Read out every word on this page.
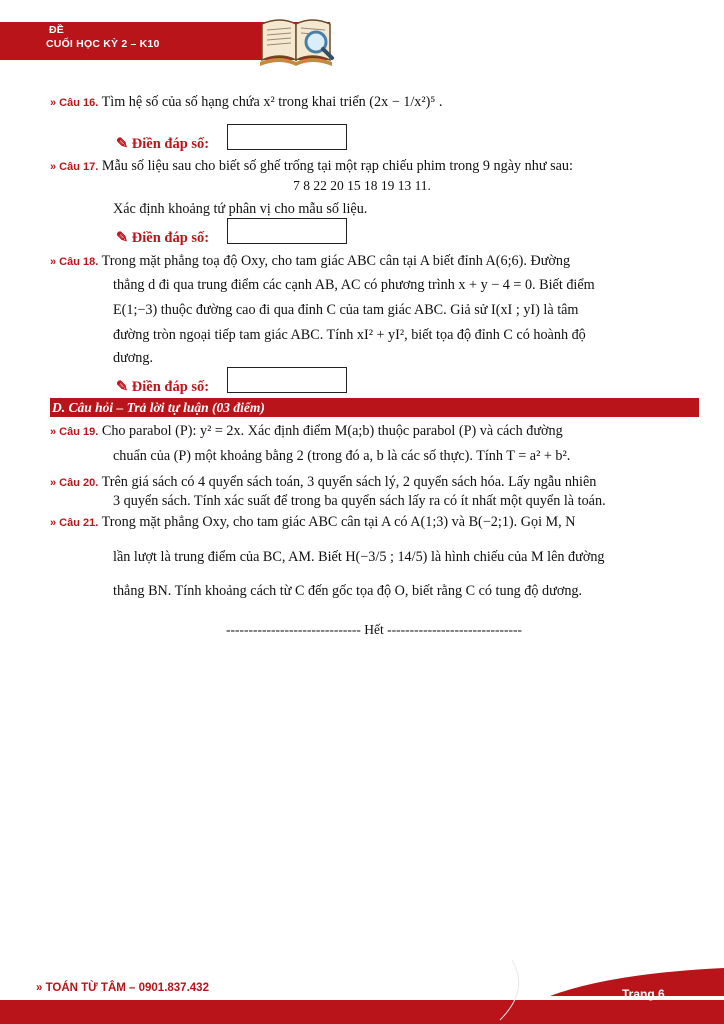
ĐỀ
CUỐI HỌC KỲ 2 – K10
» Câu 16. Tìm hệ số của số hạng chứa x² trong khai triển (2x − 1/x²)⁵ .
✎ Điền đáp số:
» Câu 17. Mẫu số liệu sau cho biết số ghế trống tại một rạp chiếu phim trong 9 ngày như sau:
7 8 22 20 15 18 19 13 11.
Xác định khoảng tứ phân vị cho mẫu số liệu.
✎ Điền đáp số:
» Câu 18. Trong mặt phẳng toạ độ Oxy, cho tam giác ABC cân tại A biết đỉnh A(6;6). Đường
thẳng d đi qua trung điểm các cạnh AB, AC có phương trình x + y − 4 = 0. Biết điểm
E(1;−3) thuộc đường cao đi qua đỉnh C của tam giác ABC. Giả sử I(xI ; yI) là tâm
đường tròn ngoại tiếp tam giác ABC. Tính xI² + yI², biết tọa độ đỉnh C có hoành độ
dương.
✎ Điền đáp số:
D. Câu hỏi – Trả lời tự luận (03 điểm)
» Câu 19. Cho parabol (P): y² = 2x. Xác định điểm M(a;b) thuộc parabol (P) và cách đường
chuẩn của (P) một khoảng bằng 2 (trong đó a, b là các số thực). Tính T = a² + b².
» Câu 20. Trên giá sách có 4 quyển sách toán, 3 quyển sách lý, 2 quyển sách hóa. Lấy ngẫu nhiên
3 quyển sách. Tính xác suất để trong ba quyển sách lấy ra có ít nhất một quyển là toán.
» Câu 21. Trong mặt phẳng Oxy, cho tam giác ABC cân tại A có A(1;3) và B(−2;1). Gọi M, N
lần lượt là trung điểm của BC, AM. Biết H(−3/5 ; 14/5) là hình chiếu của M lên đường
thẳng BN. Tính khoảng cách từ C đến gốc tọa độ O, biết rằng C có tung độ dương.
------------------------------ Hết ------------------------------
» TOÁN TỪ TÂM – 0901.837.432	Trang 6
